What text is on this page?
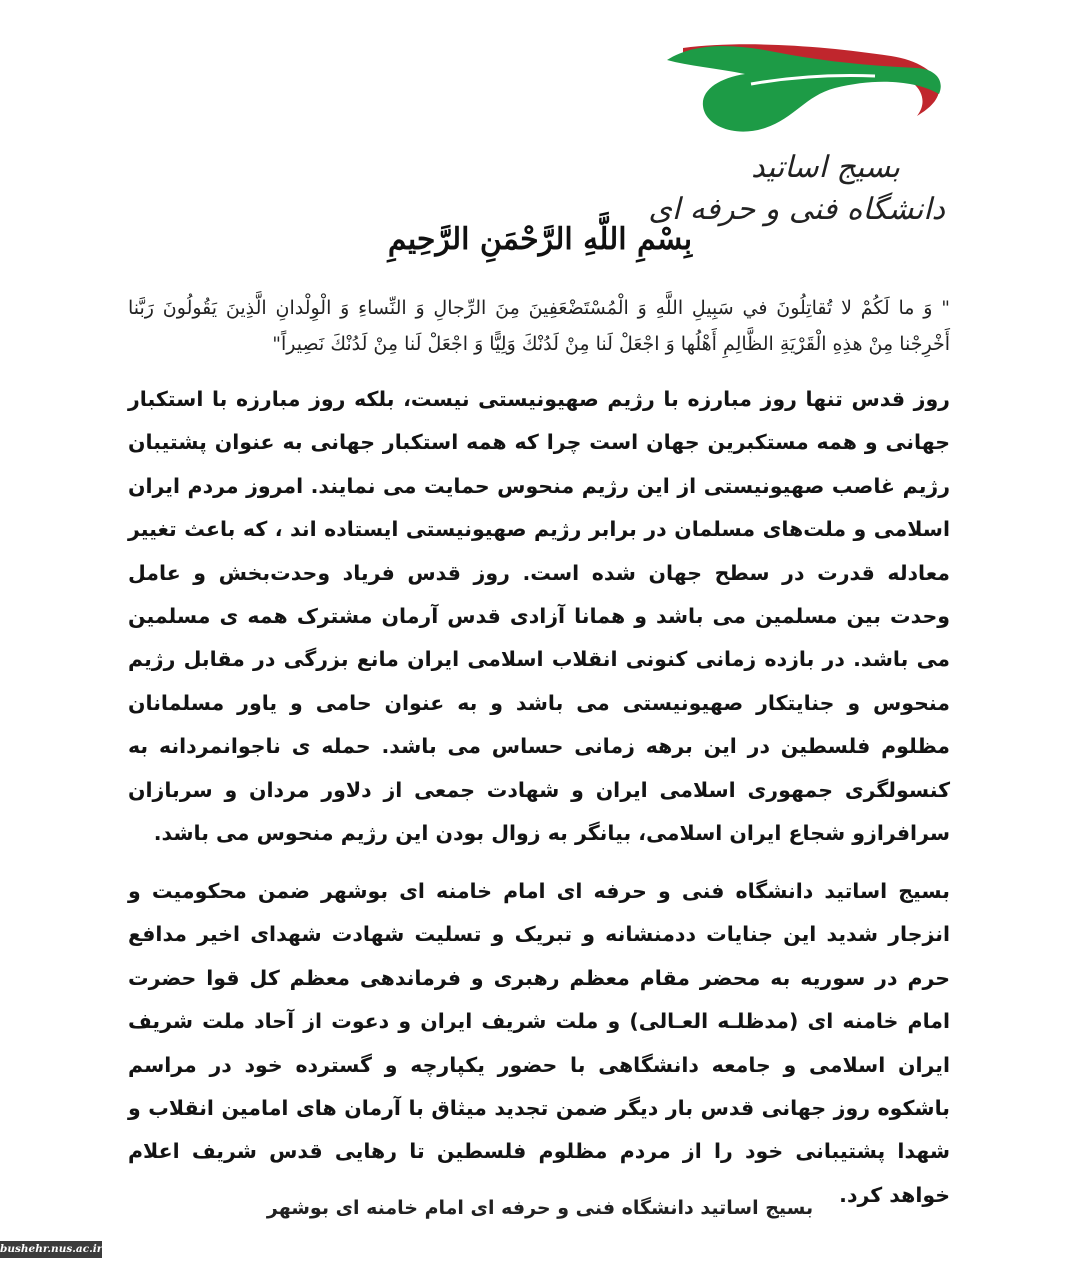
بسیج اساتید
دانشگاه فنی و حرفه ای
بِسْمِ اللَّهِ الرَّحْمَنِ الرَّحِيمِ
" وَ ما لَكُمْ لا تُقاتِلُونَ في سَبِيلِ اللَّهِ وَ الْمُسْتَضْعَفِينَ مِنَ الرِّجالِ وَ النِّساءِ وَ الْوِلْدانِ الَّذِينَ يَقُولُونَ رَبَّنا أَخْرِجْنا مِنْ هذِهِ الْقَرْيَةِ الظَّالِمِ أَهْلُها وَ اجْعَلْ لَنا مِنْ لَدُنْكَ وَلِيًّا وَ اجْعَلْ لَنا مِنْ لَدُنْكَ نَصِيراً"
روز قدس تنها روز مبارزه با رژیم صهیونیستی نیست، بلکه روز مبارزه با استکبار جهانی و همه مستکبرین جهان است چرا که همه استکبار جهانی به عنوان پشتیبان رژیم غاصب صهیونیستی از این رژیم منحوس حمایت می نمایند. امروز مردم ایران اسلامی و ملت‌های مسلمان در برابر رژیم صهیونیستی ایستاده اند ، که باعث تغییر معادله قدرت در سطح جهان شده است. روز قدس فریاد وحدت‌بخش و عامل وحدت بین مسلمین می باشد و همانا آزادی قدس آرمان مشترک همه ی مسلمین می باشد. در بازده زمانی کنونی انقلاب اسلامی ایران مانع بزرگی در مقابل رژیم منحوس و جنایتکار صهیونیستی می باشد و به عنوان حامی و یاور مسلمانان مظلوم فلسطین در این برهه زمانی حساس می باشد. حمله ی ناجوانمردانه به کنسولگری جمهوری اسلامی ایران و شهادت جمعی از دلاور مردان و سربازان سرافرازو شجاع ایران اسلامی، بیانگر به زوال بودن این رژیم منحوس می باشد.
بسیج اساتید دانشگاه فنی و حرفه ای امام خامنه ای بوشهر ضمن محکومیت و انزجار شدید این جنایات ددمنشانه و تبریک و تسلیت شهادت شهدای اخیر مدافع حرم در سوریه به محضر مقام معظم رهبری و فرماندهی معظم کل قوا حضرت امام خامنه ای (مدظلـه العـالی) و ملت شریف ایران و دعوت از آحاد ملت شریف ایران اسلامی و جامعه دانشگاهی با حضور یکپارچه و گسترده خود در مراسم باشکوه روز جهانی قدس بار دیگر ضمن تجدید میثاق با آرمان های امامین انقلاب و شهدا پشتیبانی خود را از مردم مظلوم فلسطین تا رهایی قدس شریف اعلام خواهد کرد.
بسیج اساتید دانشگاه فنی و حرفه ای امام خامنه ای بوشهر
bushehr.nus.ac.ir
